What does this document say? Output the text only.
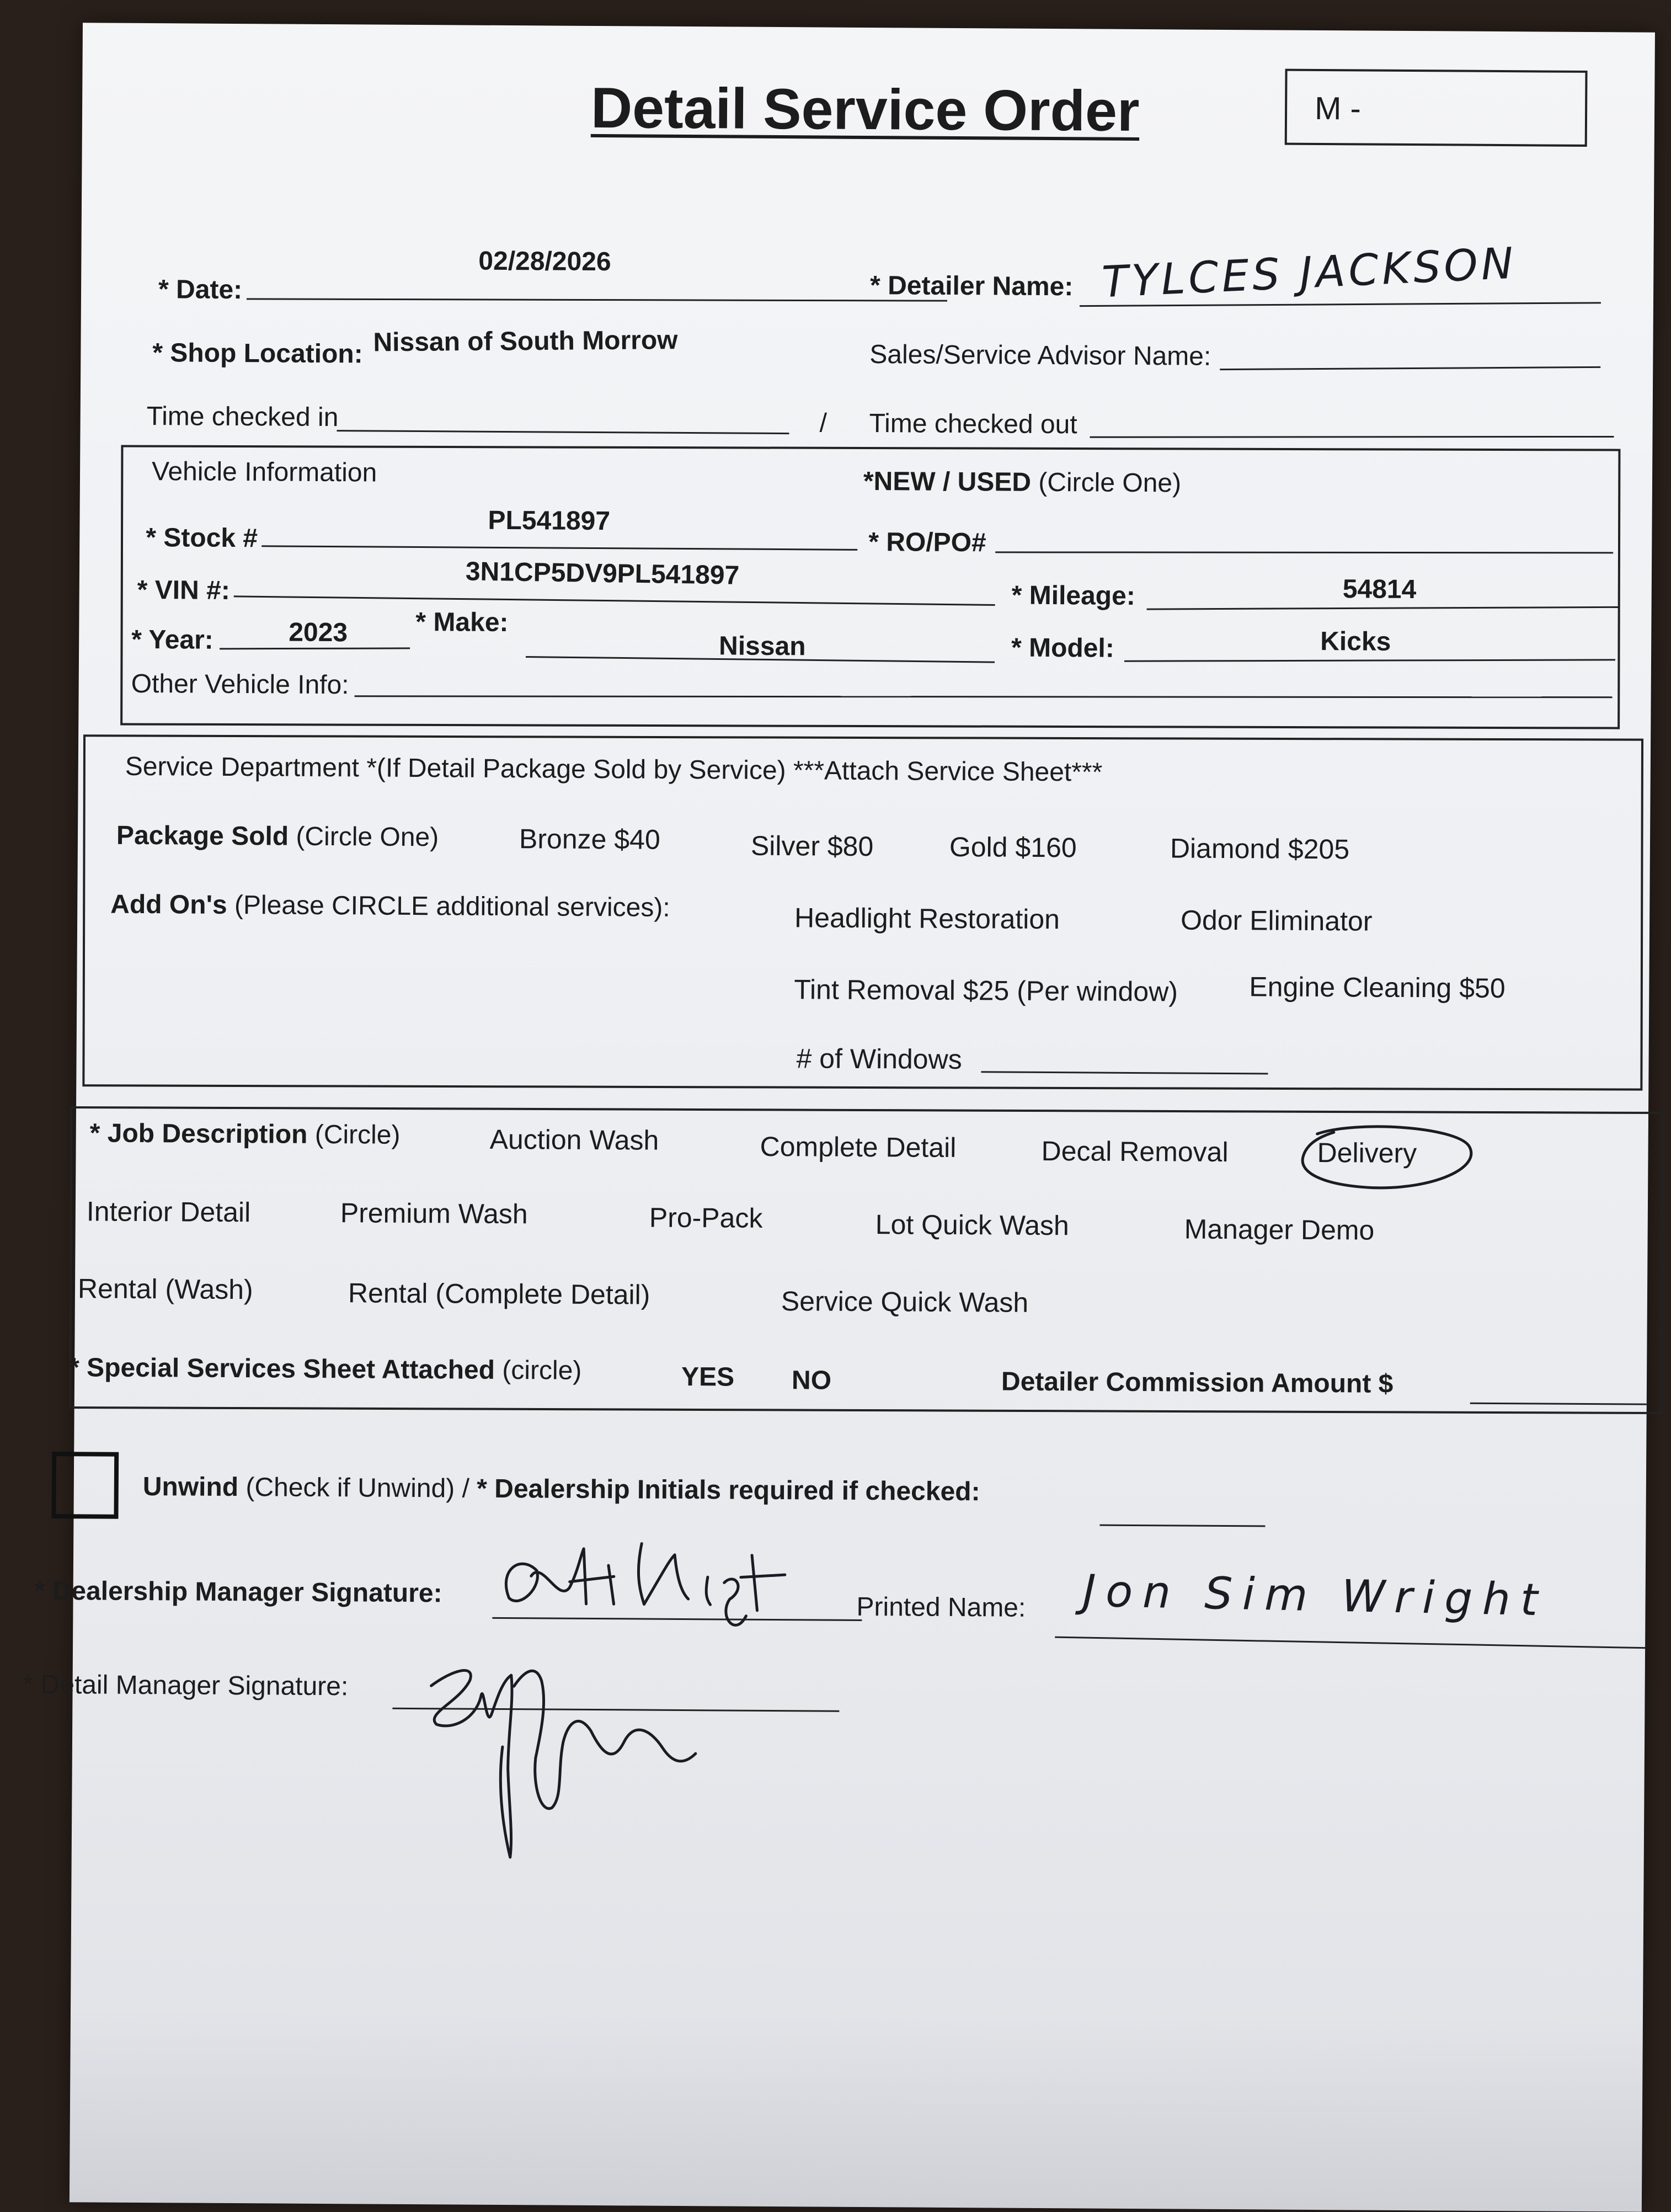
Detail Service Order	M -
* Date:
02/28/2026
* Detailer Name: TYLCES JACKSON
* Shop Location: Nissan of South Morrow	Sales/Service Advisor Name:
Time checked in	/ Time checked out
Vehicle Information	*NEW / USED (Circle One)
* Stock #
PL541897
* RO/PO#
* VIN #:
3N1CP5DV9PL541897
* Mileage:	54814
* Year:	2023	* Make:
Nissan	* Model:	Kicks
Other Vehicle Info:
Service Department *(If Detail Package Sold by Service) ***Attach Service Sheet***
Package Sold (Circle One)	Bronze $40	Silver $80	Gold $160	Diamond $205
Add On's (Please CIRCLE additional services):	Headlight Restoration	Odor Eliminator
Tint Removal $25 (Per window)	Engine Cleaning $50
# of Windows
* Job Description (Circle)	Auction Wash	Complete Detail	Decal Removal	Delivery
Interior Detail	Premium Wash	Pro-Pack	Lot Quick Wash	Manager Demo
Rental (Wash)	Rental (Complete Detail)	Service Quick Wash
* Special Services Sheet Attached (circle)	YES NO	Detailer Commission Amount $
Unwind (Check if Unwind) / * Dealership Initials required if checked:
* Dealership Manager Signature:	Printed Name: Jon Sim Wright
* Detail Manager Signature:
